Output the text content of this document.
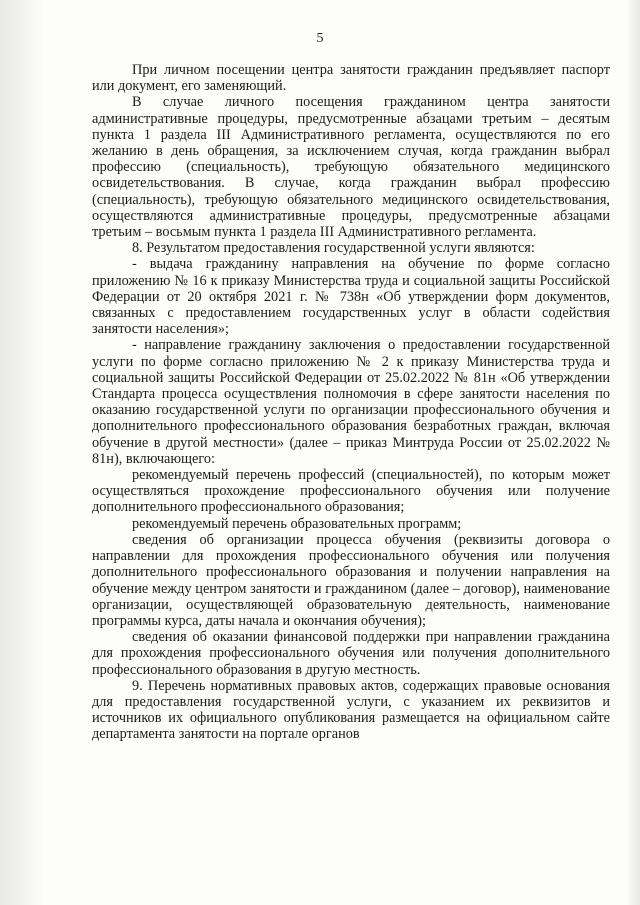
5

При личном посещении центра занятости гражданин предъявляет паспорт или документ, его заменяющий.

В случае личного посещения гражданином центра занятости административные процедуры, предусмотренные абзацами третьим – десятым пункта 1 раздела III Административного регламента, осуществляются по его желанию в день обращения, за исключением случая, когда гражданин выбрал профессию (специальность), требующую обязательного медицинского освидетельствования. В случае, когда гражданин выбрал профессию (специальность), требующую обязательного медицинского освидетельствования, осуществляются административные процедуры, предусмотренные абзацами третьим – восьмым пункта 1 раздела III Административного регламента.

8. Результатом предоставления государственной услуги являются:

- выдача гражданину направления на обучение по форме согласно приложению № 16 к приказу Министерства труда и социальной защиты Российской Федерации от 20 октября 2021 г. № 738н «Об утверждении форм документов, связанных с предоставлением государственных услуг в области содействия занятости населения»;

- направление гражданину заключения о предоставлении государственной услуги по форме согласно приложению № 2 к приказу Министерства труда и социальной защиты Российской Федерации от 25.02.2022 № 81н «Об утверждении Стандарта процесса осуществления полномочия в сфере занятости населения по оказанию государственной услуги по организации профессионального обучения и дополнительного профессионального образования безработных граждан, включая обучение в другой местности» (далее – приказ Минтруда России от 25.02.2022 № 81н), включающего:

рекомендуемый перечень профессий (специальностей), по которым может осуществляться прохождение профессионального обучения или получение дополнительного профессионального образования;

рекомендуемый перечень образовательных программ;

сведения об организации процесса обучения (реквизиты договора о направлении для прохождения профессионального обучения или получения дополнительного профессионального образования и получении направления на обучение между центром занятости и гражданином (далее – договор), наименование организации, осуществляющей образовательную деятельность, наименование программы курса, даты начала и окончания обучения);

сведения об оказании финансовой поддержки при направлении гражданина для прохождения профессионального обучения или получения дополнительного профессионального образования в другую местность.

9. Перечень нормативных правовых актов, содержащих правовые основания для предоставления государственной услуги, с указанием их реквизитов и источников их официального опубликования размещается на официальном сайте департамента занятости на портале органов
